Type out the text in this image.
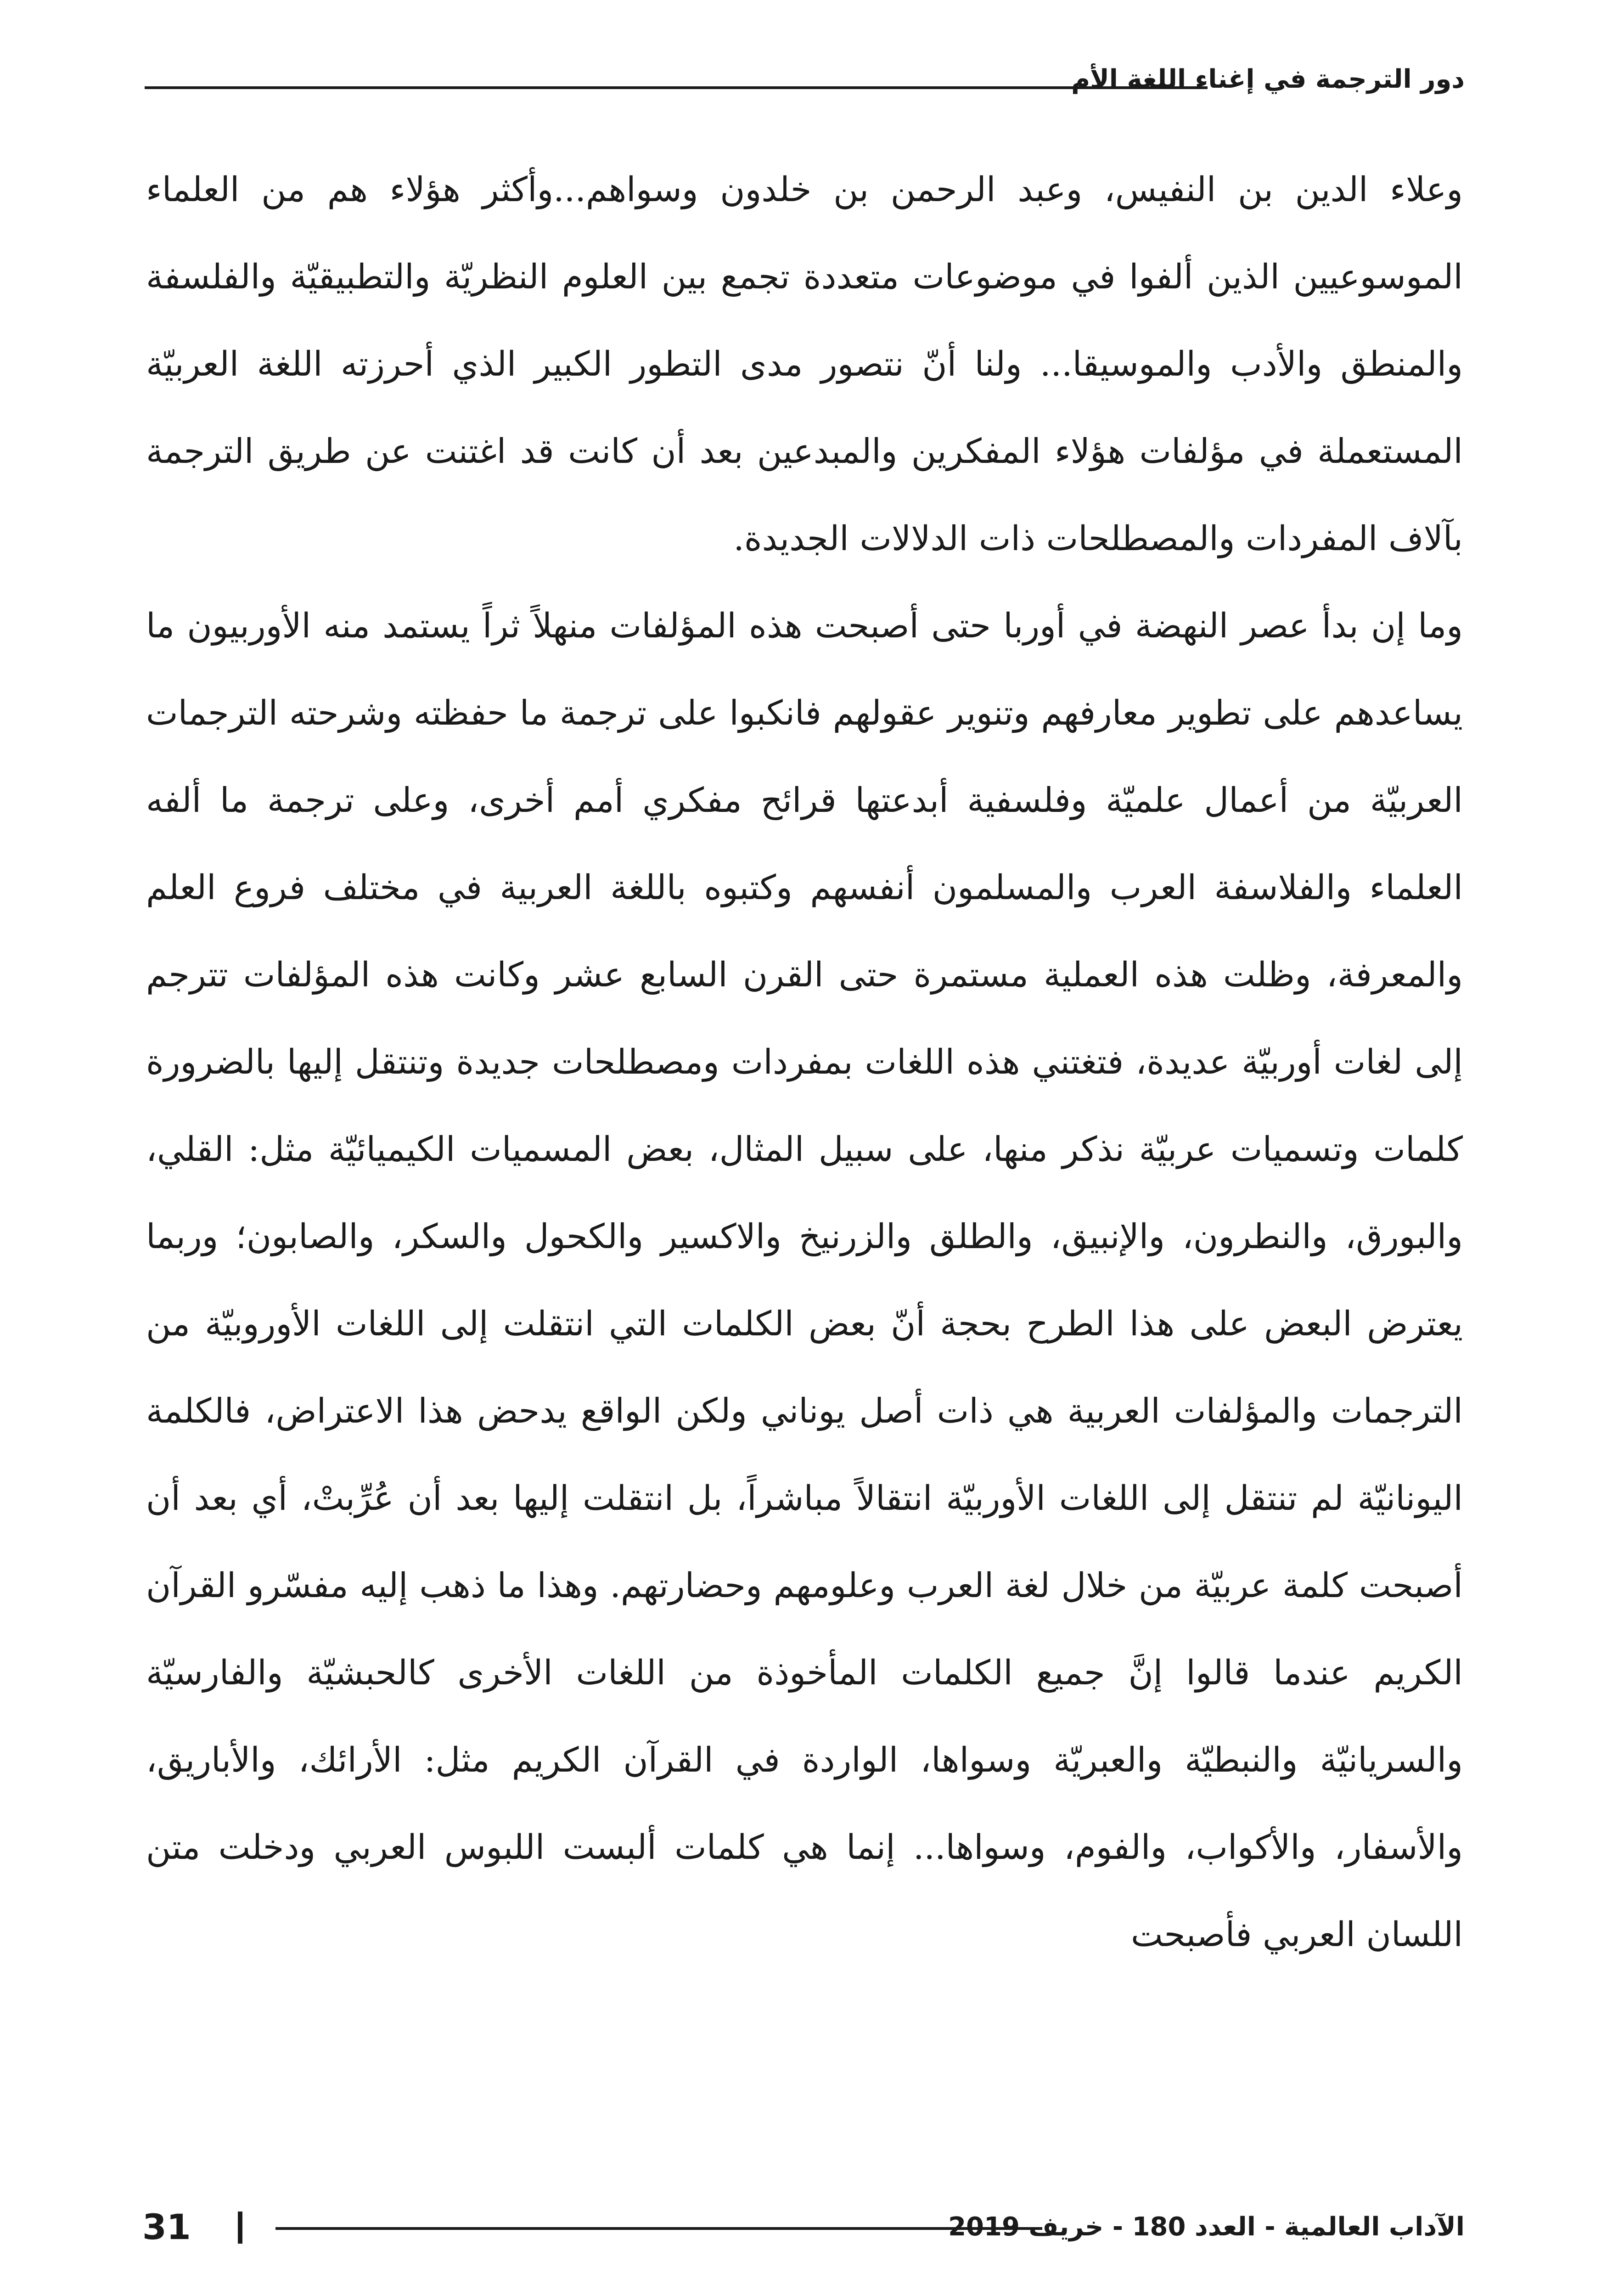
دور الترجمة في إغناء اللغة الأم

وعلاء الدين بن النفيس، وعبد الرحمن بن خلدون وسواهم...وأكثر هؤلاء هم من العلماء الموسوعيين الذين ألفوا في موضوعات متعددة تجمع بين العلوم النظريّة والتطبيقيّة والفلسفة والمنطق والأدب والموسيقا... ولنا أنّ نتصور مدى التطور الكبير الذي أحرزته اللغة العربيّة المستعملة في مؤلفات هؤلاء المفكرين والمبدعين بعد أن كانت قد اغتنت عن طريق الترجمة بآلاف المفردات والمصطلحات ذات الدلالات الجديدة.

وما إن بدأ عصر النهضة في أوربا حتى أصبحت هذه المؤلفات منهلاً ثراً يستمد منه الأوربيون ما يساعدهم على تطوير معارفهم وتنوير عقولهم فانكبوا على ترجمة ما حفظته وشرحته الترجمات العربيّة من أعمال علميّة وفلسفية أبدعتها قرائح مفكري أمم أخرى، وعلى ترجمة ما ألفه العلماء والفلاسفة العرب والمسلمون أنفسهم وكتبوه باللغة العربية في مختلف فروع العلم والمعرفة، وظلت هذه العملية مستمرة حتى القرن السابع عشر وكانت هذه المؤلفات تترجم إلى لغات أوربيّة عديدة، فتغتني هذه اللغات بمفردات ومصطلحات جديدة وتنتقل إليها بالضرورة كلمات وتسميات عربيّة نذكر منها، على سبيل المثال، بعض المسميات الكيميائيّة مثل: القلي، والبورق، والنطرون، والإنبيق، والطلق والزرنيخ والاكسير والكحول والسكر، والصابون؛ وربما يعترض البعض على هذا الطرح بحجة أنّ بعض الكلمات التي انتقلت إلى اللغات الأوروبيّة من الترجمات والمؤلفات العربية هي ذات أصل يوناني ولكن الواقع يدحض هذا الاعتراض، فالكلمة اليونانيّة لم تنتقل إلى اللغات الأوربيّة انتقالاً مباشراً، بل انتقلت إليها بعد أن عُرِّبتْ، أي بعد أن أصبحت كلمة عربيّة من خلال لغة العرب وعلومهم وحضارتهم. وهذا ما ذهب إليه مفسّرو القرآن الكريم عندما قالوا إنَّ جميع الكلمات المأخوذة من اللغات الأخرى كالحبشيّة والفارسيّة والسريانيّة والنبطيّة والعبريّة وسواها، الواردة في القرآن الكريم مثل: الأرائك، والأباريق، والأسفار، والأكواب، والفوم، وسواها... إنما هي كلمات ألبست اللبوس العربي ودخلت متن اللسان العربي فأصبحت

31	الآداب العالمية - العدد 180 - خريف 2019
